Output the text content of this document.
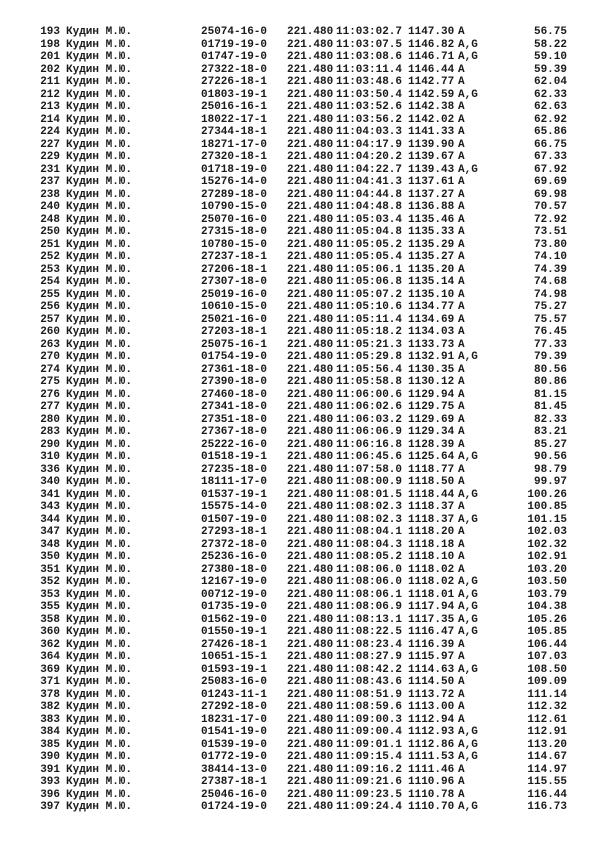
193 Кудин М.Ю.	25074-16-0 221.480 11:03:02.7 1147.30 A	56.75
198 Кудин М.Ю.	01719-19-0 221.480 11:03:07.5 1146.82 A,G	58.22
201 Кудин М.Ю.	01747-19-0 221.480 11:03:08.6 1146.71 A,G	59.10
202 Кудин М.Ю.	27322-18-0 221.480 11:03:11.4 1146.44 A	59.39
211 Кудин М.Ю.	27226-18-1 221.480 11:03:48.6 1142.77 A	62.04
212 Кудин М.Ю.	01803-19-1 221.480 11:03:50.4 1142.59 A,G	62.33
213 Кудин М.Ю.	25016-16-1 221.480 11:03:52.6 1142.38 A	62.63
214 Кудин М.Ю.	18022-17-1 221.480 11:03:56.2 1142.02 A	62.92
224 Кудин М.Ю.	27344-18-1 221.480 11:04:03.3 1141.33 A	65.86
227 Кудин М.Ю.	18271-17-0 221.480 11:04:17.9 1139.90 A	66.75
229 Кудин М.Ю.	27320-18-1 221.480 11:04:20.2 1139.67 A	67.33
231 Кудин М.Ю.	01718-19-0 221.480 11:04:22.7 1139.43 A,G	67.92
237 Кудин М.Ю.	15276-14-0 221.480 11:04:41.3 1137.61 A	69.69
238 Кудин М.Ю.	27289-18-0 221.480 11:04:44.8 1137.27 A	69.98
240 Кудин М.Ю.	10790-15-0 221.480 11:04:48.8 1136.88 A	70.57
248 Кудин М.Ю.	25070-16-0 221.480 11:05:03.4 1135.46 A	72.92
250 Кудин М.Ю.	27315-18-0 221.480 11:05:04.8 1135.33 A	73.51
251 Кудин М.Ю.	10780-15-0 221.480 11:05:05.2 1135.29 A	73.80
252 Кудин М.Ю.	27237-18-1 221.480 11:05:05.4 1135.27 A	74.10
253 Кудин М.Ю.	27206-18-1 221.480 11:05:06.1 1135.20 A	74.39
254 Кудин М.Ю.	27307-18-0 221.480 11:05:06.8 1135.14 A	74.68
255 Кудин М.Ю.	25019-16-0 221.480 11:05:07.2 1135.10 A	74.98
256 Кудин М.Ю.	10610-15-0 221.480 11:05:10.6 1134.77 A	75.27
257 Кудин М.Ю.	25021-16-0 221.480 11:05:11.4 1134.69 A	75.57
260 Кудин М.Ю.	27203-18-1 221.480 11:05:18.2 1134.03 A	76.45
263 Кудин М.Ю.	25075-16-1 221.480 11:05:21.3 1133.73 A	77.33
270 Кудин М.Ю.	01754-19-0 221.480 11:05:29.8 1132.91 A,G	79.39
274 Кудин М.Ю.	27361-18-0 221.480 11:05:56.4 1130.35 A	80.56
275 Кудин М.Ю.	27390-18-0 221.480 11:05:58.8 1130.12 A	80.86
276 Кудин М.Ю.	27460-18-0 221.480 11:06:00.6 1129.94 A	81.15
277 Кудин М.Ю.	27341-18-0 221.480 11:06:02.6 1129.75 A	81.45
280 Кудин М.Ю.	27351-18-0 221.480 11:06:03.2 1129.69 A	82.33
283 Кудин М.Ю.	27367-18-0 221.480 11:06:06.9 1129.34 A	83.21
290 Кудин М.Ю.	25222-16-0 221.480 11:06:16.8 1128.39 A	85.27
310 Кудин М.Ю.	01518-19-1 221.480 11:06:45.6 1125.64 A,G	90.56
336 Кудин М.Ю.	27235-18-0 221.480 11:07:58.0 1118.77 A	98.79
340 Кудин М.Ю.	18111-17-0 221.480 11:08:00.9 1118.50 A	99.97
341 Кудин М.Ю.	01537-19-1 221.480 11:08:01.5 1118.44 A,G	100.26
343 Кудин М.Ю.	15575-14-0 221.480 11:08:02.3 1118.37 A	100.85
344 Кудин М.Ю.	01507-19-0 221.480 11:08:02.3 1118.37 A,G	101.15
347 Кудин М.Ю.	27293-18-1 221.480 11:08:04.1 1118.20 A	102.03
348 Кудин М.Ю.	27372-18-0 221.480 11:08:04.3 1118.18 A	102.32
350 Кудин М.Ю.	25236-16-0 221.480 11:08:05.2 1118.10 A	102.91
351 Кудин М.Ю.	27380-18-0 221.480 11:08:06.0 1118.02 A	103.20
352 Кудин М.Ю.	12167-19-0 221.480 11:08:06.0 1118.02 A,G	103.50
353 Кудин М.Ю.	00712-19-0 221.480 11:08:06.1 1118.01 A,G	103.79
355 Кудин М.Ю.	01735-19-0 221.480 11:08:06.9 1117.94 A,G	104.38
358 Кудин М.Ю.	01562-19-0 221.480 11:08:13.1 1117.35 A,G	105.26
360 Кудин М.Ю.	01550-19-1 221.480 11:08:22.5 1116.47 A,G	105.85
362 Кудин М.Ю.	27426-18-1 221.480 11:08:23.4 1116.39 A	106.44
364 Кудин М.Ю.	10651-15-1 221.480 11:08:27.9 1115.97 A	107.03
369 Кудин М.Ю.	01593-19-1 221.480 11:08:42.2 1114.63 A,G	108.50
371 Кудин М.Ю.	25083-16-0 221.480 11:08:43.6 1114.50 A	109.09
378 Кудин М.Ю.	01243-11-1 221.480 11:08:51.9 1113.72 A	111.14
382 Кудин М.Ю.	27292-18-0 221.480 11:08:59.6 1113.00 A	112.32
383 Кудин М.Ю.	18231-17-0 221.480 11:09:00.3 1112.94 A	112.61
384 Кудин М.Ю.	01541-19-0 221.480 11:09:00.4 1112.93 A,G	112.91
385 Кудин М.Ю.	01539-19-0 221.480 11:09:01.1 1112.86 A,G	113.20
390 Кудин М.Ю.	01772-19-0 221.480 11:09:15.4 1111.53 A,G	114.67
391 Кудин М.Ю.	38414-13-0 221.480 11:09:16.2 1111.46 A	114.97
393 Кудин М.Ю.	27387-18-1 221.480 11:09:21.6 1110.96 A	115.55
396 Кудин М.Ю.	25046-16-0 221.480 11:09:23.5 1110.78 A	116.44
397 Кудин М.Ю.	01724-19-0 221.480 11:09:24.4 1110.70 A,G	116.73
